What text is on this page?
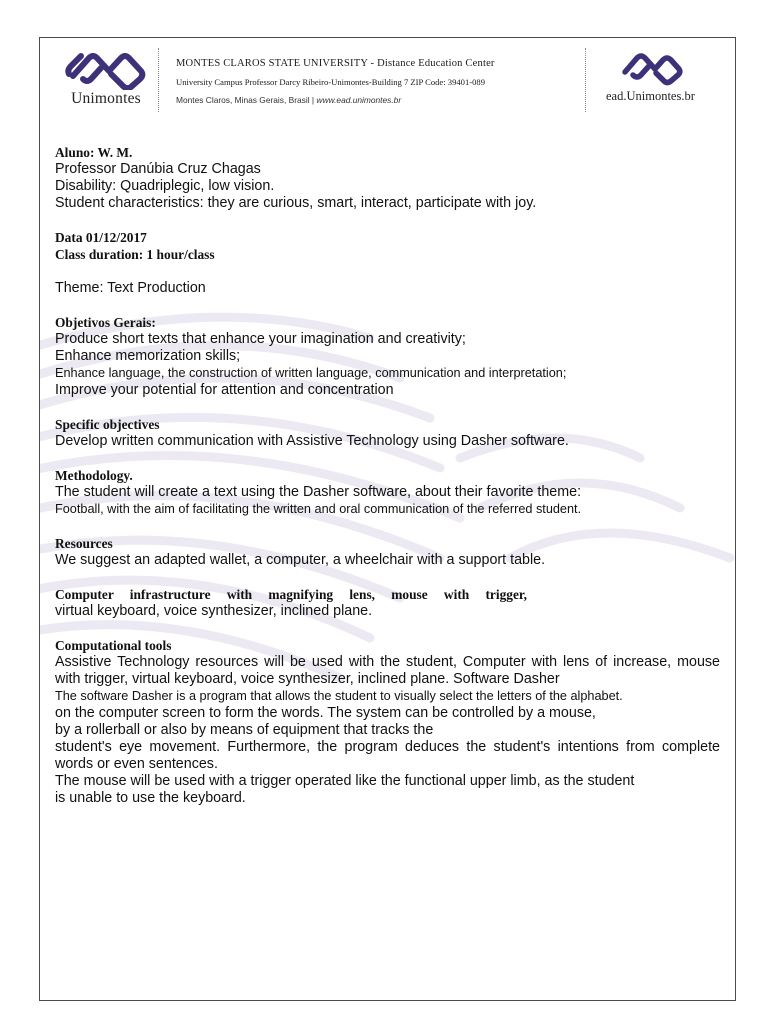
Unimontes
MONTES CLAROS STATE UNIVERSITY - Distance Education Center
University Campus Professor Darcy Ribeiro-Unimontes-Building 7 ZIP Code: 39401-089
Montes Claros, Minas Gerais, Brasil | www.ead.unimontes.br	ead.Unimontes.br

Aluno: W. M.

Professor Danúbia Cruz Chagas

Disability: Quadriplegic, low vision.

Student characteristics: they are curious, smart, interact, participate with joy.

Data 01/12/2017

Class duration: 1 hour/class

Theme: Text Production

Objetivos Gerais:

Produce short texts that enhance your imagination and creativity;

Enhance memorization skills;

Enhance language, the construction of written language, communication and interpretation;

Improve your potential for attention and concentration

Specific objectives

Develop written communication with Assistive Technology using Dasher software.

Methodology.

The student will create a text using the Dasher software, about their favorite theme:

Football, with the aim of facilitating the written and oral communication of the referred student.

Resources

We suggest an adapted wallet, a computer, a wheelchair with a support table.

Computer infrastructure with magnifying lens, mouse with trigger,

virtual keyboard, voice synthesizer, inclined plane.

Computational tools

Assistive Technology resources will be used with the student, Computer with lens of increase, mouse with trigger, virtual keyboard, voice synthesizer, inclined plane. Software Dasher

The software Dasher is a program that allows the student to visually select the letters of the alphabet.

on the computer screen to form the words. The system can be controlled by a mouse,

by a rollerball or also by means of equipment that tracks the

student's eye movement. Furthermore, the program deduces the student's intentions from complete words or even sentences.

The mouse will be used with a trigger operated like the functional upper limb, as the student

is unable to use the keyboard.
